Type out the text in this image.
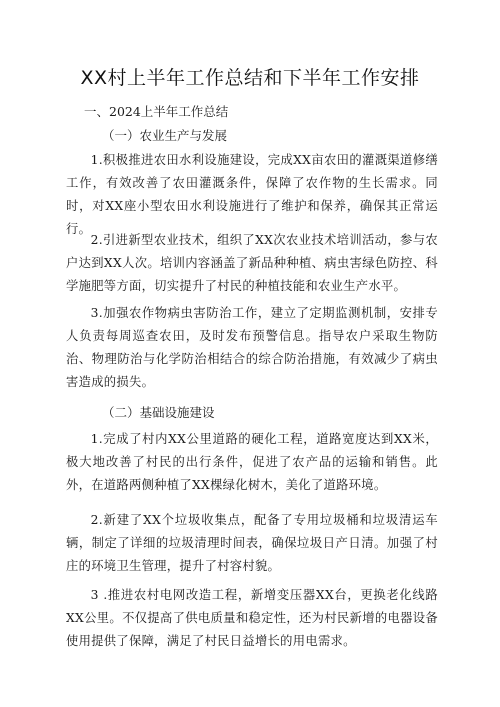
XX村上半年工作总结和下半年工作安排

一、2024上半年工作总结

（一）农业生产与发展

1.积极推进农田水利设施建设，完成XX亩农田的灌溉渠道修缮工作，有效改善了农田灌溉条件，保障了农作物的生长需求。同时，对XX座小型农田水利设施进行了维护和保养，确保其正常运行。

2.引进新型农业技术，组织了XX次农业技术培训活动，参与农户达到XX人次。培训内容涵盖了新品种种植、病虫害绿色防控、科学施肥等方面，切实提升了村民的种植技能和农业生产水平。

3.加强农作物病虫害防治工作，建立了定期监测机制，安排专人负责每周巡查农田，及时发布预警信息。指导农户采取生物防治、物理防治与化学防治相结合的综合防治措施，有效减少了病虫害造成的损失。

（二）基础设施建设

1.完成了村内XX公里道路的硬化工程，道路宽度达到XX米，极大地改善了村民的出行条件，促进了农产品的运输和销售。此外，在道路两侧种植了XX棵绿化树木，美化了道路环境。

2.新建了XX个垃圾收集点，配备了专用垃圾桶和垃圾清运车辆，制定了详细的垃圾清理时间表，确保垃圾日产日清。加强了村庄的环境卫生管理，提升了村容村貌。

3 .推进农村电网改造工程，新增变压器XX台，更换老化线路XX公里。不仅提高了供电质量和稳定性，还为村民新增的电器设备使用提供了保障，满足了村民日益增长的用电需求。
